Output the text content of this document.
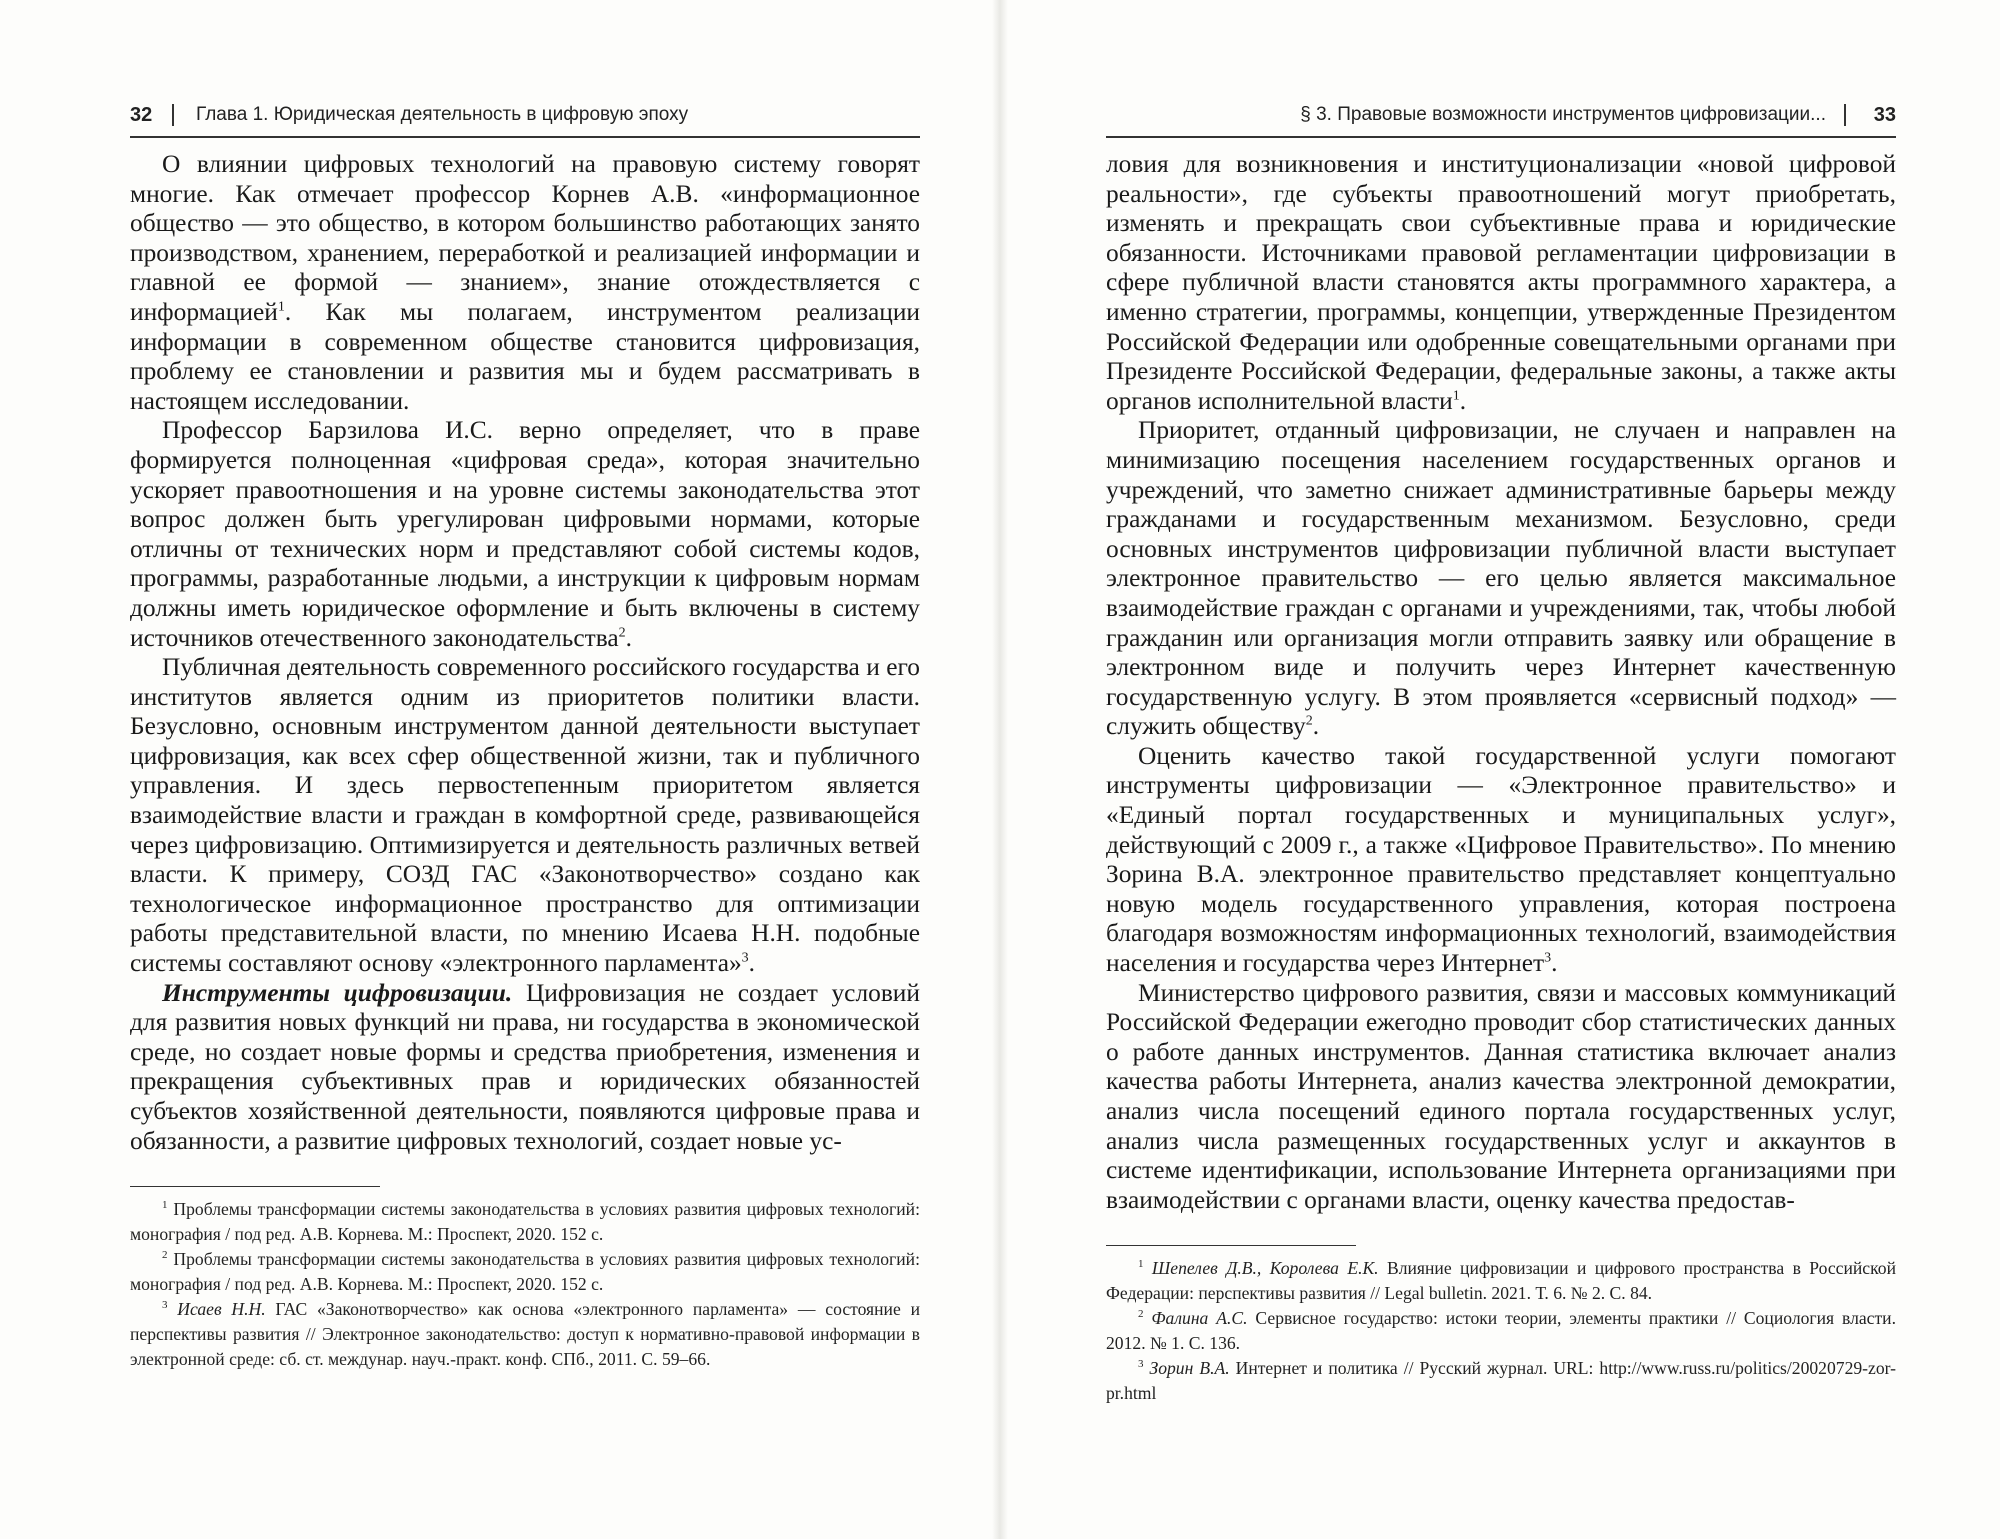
32 Глава 1. Юридическая деятельность в цифровую эпоху

О влиянии цифровых технологий на правовую систему говорят многие. Как отмечает профессор Корнев А.В. «информационное общество — это общество, в котором большинство работающих занято производством, хранением, переработкой и реализацией информации и главной ее формой — знанием», знание отождествляется с информацией$^1$. Как мы полагаем, инструментом реализации информации в современном обществе становится цифровизация, проблему ее становлении и развития мы и будем рассматривать в настоящем исследовании.

Профессор Барзилова И.С. верно определяет, что в праве формируется полноценная «цифровая среда», которая значительно ускоряет правоотношения и на уровне системы законодательства этот вопрос должен быть урегулирован цифровыми нормами, которые отличны от технических норм и представляют собой системы кодов, программы, разработанные людьми, а инструкции к цифровым нормам должны иметь юридическое оформление и быть включены в систему источников отечественного законодательства$^2$.

Публичная деятельность современного российского государства и его институтов является одним из приоритетов политики власти. Безусловно, основным инструментом данной деятельности выступает цифровизация, как всех сфер общественной жизни, так и публичного управления. И здесь первостепенным приоритетом является взаимодействие власти и граждан в комфортной среде, развивающейся через цифровизацию. Оптимизируется и деятельность различных ветвей власти. К примеру, СОЗД ГАС «Законотворчество» создано как технологическое информационное пространство для оптимизации работы представительной власти, по мнению Исаева Н.Н. подобные системы составляют основу «электронного парламента»$^3$.

Инструменты цифровизации. Цифровизация не создает условий для развития новых функций ни права, ни государства в экономической среде, но создает новые формы и средства приобретения, изменения и прекращения субъективных прав и юридических обязанностей субъектов хозяйственной деятельности, появляются цифровые права и обязанности, а развитие цифровых технологий, создает новые ус-

$^1$ Проблемы трансформации системы законодательства в условиях развития цифровых технологий: монография / под ред. А.В. Корнева. М.: Проспект, 2020. 152 с.

$^2$ Проблемы трансформации системы законодательства в условиях развития цифровых технологий: монография / под ред. А.В. Корнева. М.: Проспект, 2020. 152 с.

$^3$ Исаев Н.Н. ГАС «Законотворчество» как основа «электронного парламента» — состояние и перспективы развития // Электронное законодательство: доступ к нормативно-правовой информации в электронной среде: сб. ст. междунар. науч.-практ. конф. СПб., 2011. С. 59–66.

§ 3. Правовые возможности инструментов цифровизации... 33

ловия для возникновения и институционализации «новой цифровой реальности», где субъекты правоотношений могут приобретать, изменять и прекращать свои субъективные права и юридические обязанности. Источниками правовой регламентации цифровизации в сфере публичной власти становятся акты программного характера, а именно стратегии, программы, концепции, утвержденные Президентом Российской Федерации или одобренные совещательными органами при Президенте Российской Федерации, федеральные законы, а также акты органов исполнительной власти$^1$.

Приоритет, отданный цифровизации, не случаен и направлен на минимизацию посещения населением государственных органов и учреждений, что заметно снижает административные барьеры между гражданами и государственным механизмом. Безусловно, среди основных инструментов цифровизации публичной власти выступает электронное правительство — его целью является максимальное взаимодействие граждан с органами и учреждениями, так, чтобы любой гражданин или организация могли отправить заявку или обращение в электронном виде и получить через Интернет качественную государственную услугу. В этом проявляется «сервисный подход» — служить обществу$^2$.

Оценить качество такой государственной услуги помогают инструменты цифровизации — «Электронное правительство» и «Единый портал государственных и муниципальных услуг», действующий с 2009 г., а также «Цифровое Правительство». По мнению Зорина В.А. электронное правительство представляет концептуально новую модель государственного управления, которая построена благодаря возможностям информационных технологий, взаимодействия населения и государства через Интернет$^3$.

Министерство цифрового развития, связи и массовых коммуникаций Российской Федерации ежегодно проводит сбор статистических данных о работе данных инструментов. Данная статистика включает анализ качества работы Интернета, анализ качества электронной демократии, анализ числа посещений единого портала государственных услуг, анализ числа размещенных государственных услуг и аккаунтов в системе идентификации, использование Интернета организациями при взаимодействии с органами власти, оценку качества предостав-

$^1$ Шепелев Д.В., Королева Е.К. Влияние цифровизации и цифрового пространства в Российской Федерации: перспективы развития // Legal bulletin. 2021. Т. 6. № 2. С. 84.

$^2$ Фалина А.С. Сервисное государство: истоки теории, элементы практики // Социология власти. 2012. № 1. С. 136.

$^3$ Зорин В.А. Интернет и политика // Русский журнал. URL: http://www.russ.ru/politics/20020729-zor-pr.html
